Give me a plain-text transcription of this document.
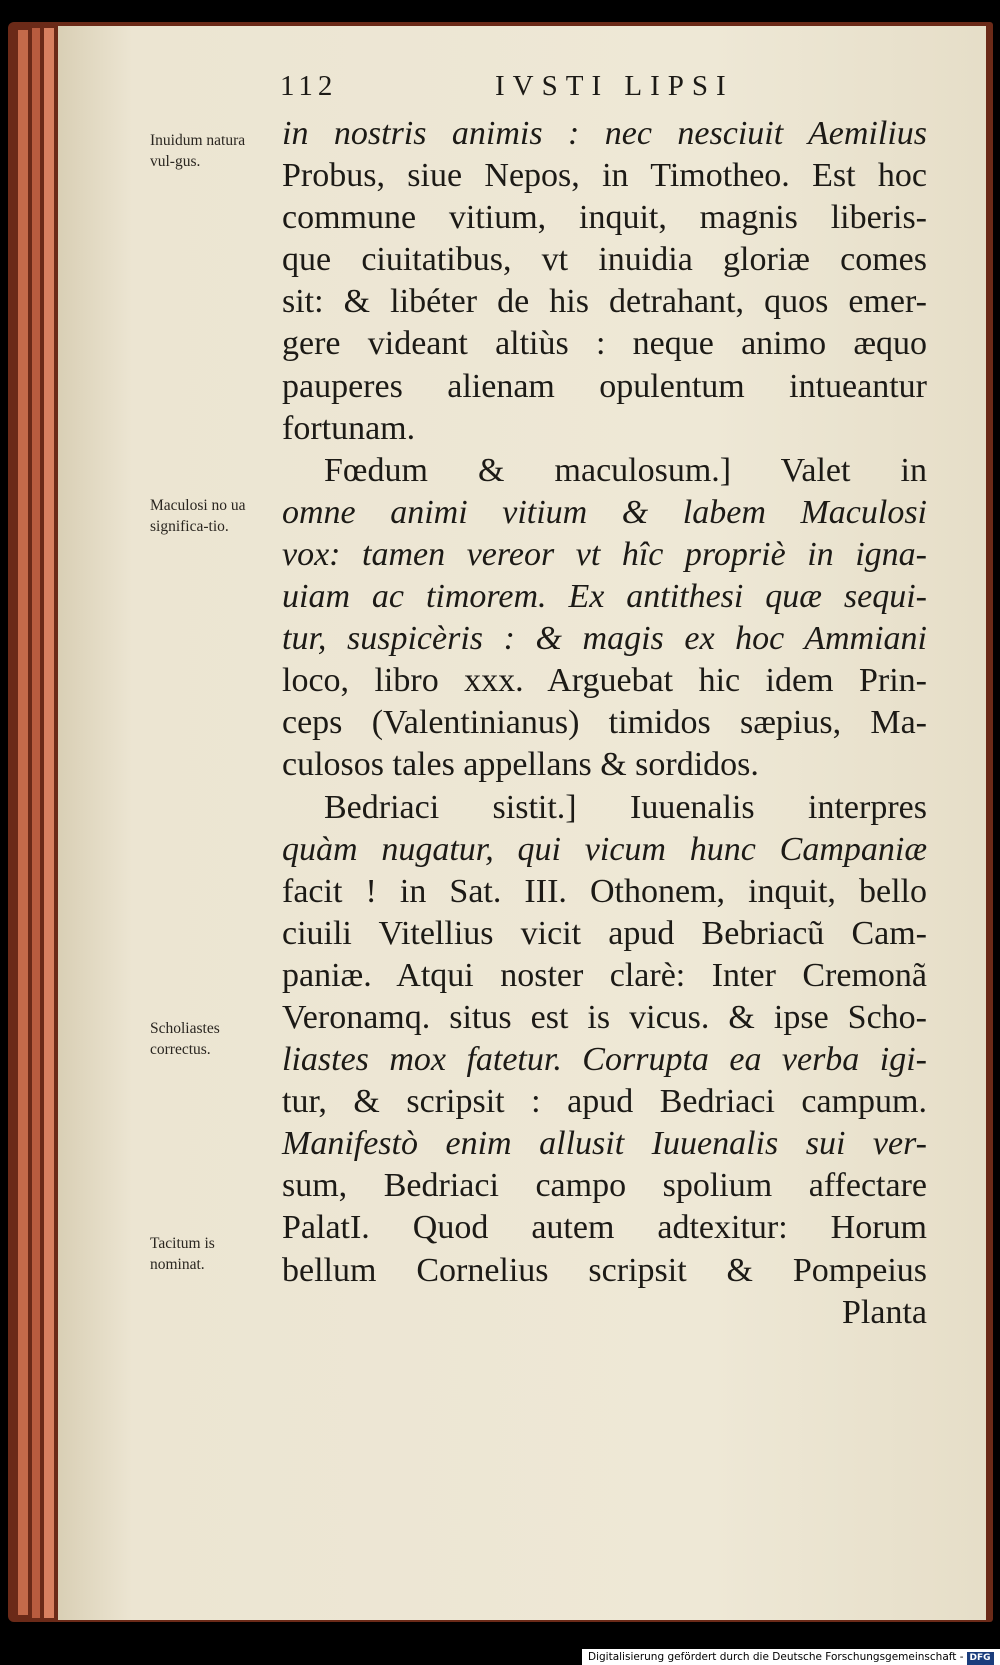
112	IVSTI LIPSI
Inuidum natura vul-gus.
Maculosi no ua significa-tio.
Scholiastes correctus.
Tacitum is nominat.
in nostris animis : nec nesciuit Aemilius
Probus, siue Nepos, in Timotheo. Est hoc
commune vitium, inquit, magnis liberis-
que ciuitatibus, vt inuidia gloriæ comes
sit: & libéter de his detrahant, quos emer-
gere videant altiùs : neque animo æquo
pauperes alienam opulentum intueantur
fortunam.
Fœdum & maculosum.] Valet in
omne animi vitium & labem Maculosi
vox: tamen vereor vt hîc propriè in igna-
uiam ac timorem. Ex antithesi quæ sequi-
tur, suspicèris : & magis ex hoc Ammiani
loco, libro xxx. Arguebat hic idem Prin-
ceps (Valentinianus) timidos sæpius, Ma-
culosos tales appellans & sordidos.
Bedriaci sistit.] Iuuenalis interpres
quàm nugatur, qui vicum hunc Campaniæ
facit ! in Sat. III. Othonem, inquit, bello
ciuili Vitellius vicit apud Bebriacũ Cam-
paniæ. Atqui noster clarè: Inter Cremonã
Veronamq. situs est is vicus. & ipse Scho-
liastes mox fatetur. Corrupta ea verba igi-
tur, & scripsit : apud Bedriaci campum.
Manifestò enim allusit Iuuenalis sui ver-
sum, Bedriaci campo spolium affectare
PalatI. Quod autem adtexitur: Horum
bellum Cornelius scripsit & Pompeius
Planta
Digitalisierung gefördert durch die Deutsche Forschungsgemeinschaft - DFG
